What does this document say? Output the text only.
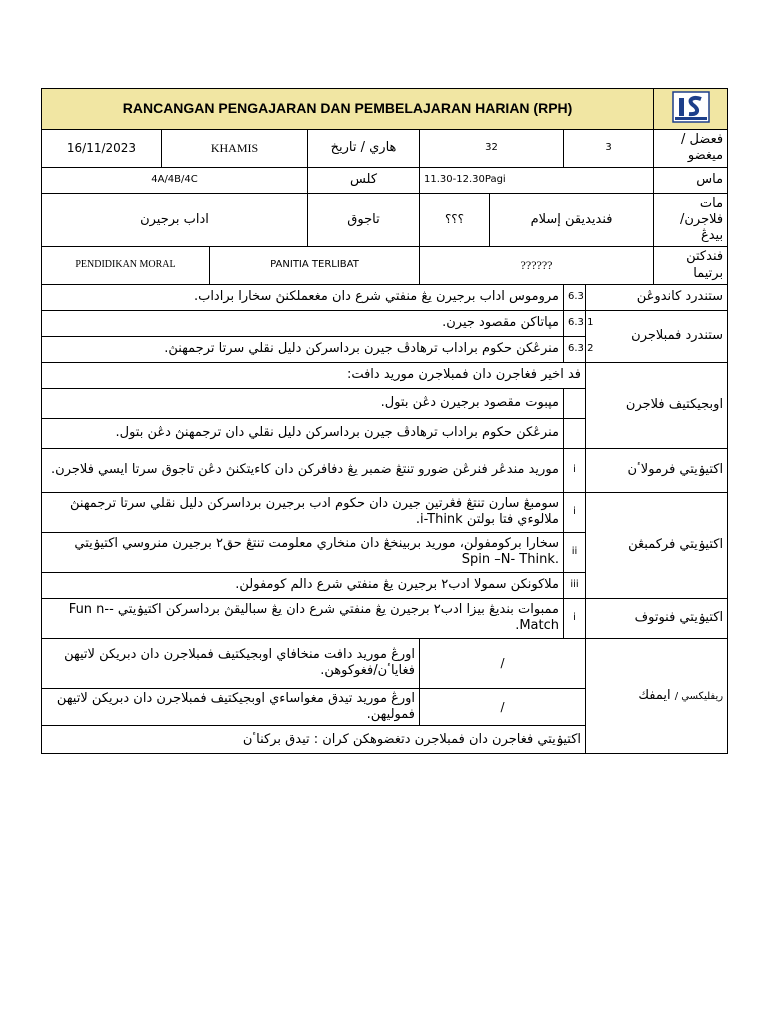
RANCANGAN PENGAJARAN DAN PEMBELAJARAN HARIAN (RPH)	
16/11/2023	KHAMIS		هاري / تاريخ	32		3		فعضل / ميغضو
4A/4B/4C			كلس	11.30-12.30Pagi				ماس
اداب برجيرن			تاجوق	؟؟؟	فنديديقن إسلام			مات فلاجرن/ بيدڠ
PENDIDIKAN MORAL		PANITIA TERLIBAT		??????				فندكتن برتيما
مروموس اداب برجيرن يڠ منفتي شرع دان مغعملكنڽ سخارا براداب.						6.3	ستندرد كاندوڠن	
مڽاتاكن مقصود جيرن.						6.3.1	ستندرد فمبلاجرن	
منرڠكن حكوم براداب ترهادڤ جيرن برداسركن دليل نقلي سرتا ترجمهنڽ.						6.3.2		
فد اخير فغاجرن دان فمبلاجرن موريد دافت:							اوبجيکتيف فلاجرن	
مڽبوت مقصود برجيرن دڠن بتول.								
منرڠكن حكوم براداب ترهادڤ جيرن برداسركن دليل نقلي دان ترجمهنڽ دڠن بتول.								
موريد مندڠر فنرڠن ضورو تنتڠ ضمبر يڠ دفافركن دان كاءيتكنڽ دڠن تاجوق سرتا ايسي فلاجرن.						i	اكتيۏيتي فرمولاٴن	
سومبڠ سارن تنتڠ فڠرتين جيرن دان حكوم ادب برجيرن برداسركن دليل نقلي سرتا ترجمهنڽ ملالوءي فتا بولتن i-Think.						i	اكتيۏيتي فركمبڠن	
سخارا بركومفولن، موريد بربينخڠ دان منخاري معلومت تنتڠ حق٢ برجيرن منروسي اكتيۏيتي .Spin –N- Think						ii		
ملاكونكن سمولا ادب٢ برجيرن يڠ منفتي شرع دالم كومفولن.						iii		
ممبوات بنديڠ بيزا ادب٢ برجيرن يڠ منفتي شرع دان يڠ سباليقڽ برداسركن اكتيۏيتي -Fun n-Match.						i	اكتيۏيتي فنوتوف	
اورڠ موريد دافت منخافاي اوبجيكتيف فمبلاجرن دان دبريكن لاتيهن فغاياٴن/فغوكوهن.				/			ريفليكسي / ايمفك	
اورڠ موريد تيدق مغواساءي اوبجيكتيف فمبلاجرن دان دبريكن لاتيهن فموليهن.				/				
اكتيۏيتي فغاجرن دان فمبلاجرن دتغضوهكن كران : تيدق بركناٴن								
